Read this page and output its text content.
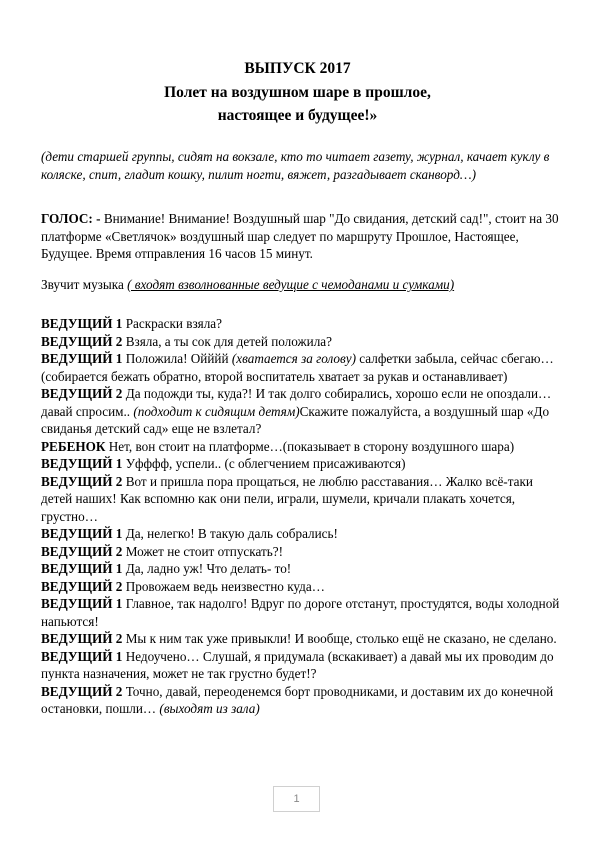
ВЫПУСК 2017
Полет на воздушном шаре в прошлое,
настоящее и будущее!»
(дети старшей группы, сидят на вокзале, кто то читает газету, журнал, качает куклу в коляске, спит, гладит кошку, пилит ногти, вяжет, разгадывает сканворд…)
ГОЛОС: - Внимание! Внимание! Воздушный шар "До свидания, детский сад!", стоит на 30 платформе «Светлячок» воздушный шар следует по маршруту Прошлое, Настоящее, Будущее. Время отправления 16 часов 15 минут.
Звучит музыка ( входят взволнованные ведущие с чемоданами и сумками)

ВЕДУЩИЙ 1 Раскраски взяла?

ВЕДУЩИЙ 2 Взяла, а ты сок для детей положила?

ВЕДУЩИЙ 1 Положила! Ойййй (хватается за голову) салфетки забыла, сейчас сбегаю…(собирается бежать обратно, второй воспитатель хватает за рукав и останавливает)

ВЕДУЩИЙ 2 Да подожди ты, куда?! И так долго собирались, хорошо если не опоздали…давай спросим.. (подходит к сидящим детям)Скажите пожалуйста, а воздушный шар «До свиданья детский сад» еще не взлетал?

РЕБЕНОК Нет, вон стоит на платформе…(показывает в сторону воздушного шара)

ВЕДУЩИЙ 1 Уфффф, успели.. (с облегчением присаживаются)

ВЕДУЩИЙ 2 Вот и пришла пора прощаться, не люблю расставания… Жалко всё-таки детей наших! Как вспомню как они пели, играли, шумели, кричали плакать хочется, грустно…

ВЕДУЩИЙ 1 Да, нелегко! В такую даль собрались!

ВЕДУЩИЙ 2 Может не стоит отпускать?!

ВЕДУЩИЙ 1 Да, ладно уж! Что делать- то!

ВЕДУЩИЙ 2 Провожаем ведь неизвестно куда…

ВЕДУЩИЙ 1 Главное, так надолго! Вдруг по дороге отстанут, простудятся, воды холодной напьются!

ВЕДУЩИЙ 2 Мы к ним так уже привыкли! И вообще, столько ещё не сказано, не сделано.

ВЕДУЩИЙ 1 Недоучено… Слушай, я придумала (вскакивает) а давай мы их проводим до пункта назначения, может не так грустно будет!?

ВЕДУЩИЙ 2 Точно, давай, переоденемся борт проводниками, и доставим их до конечной остановки, пошли… (выходят из зала)

1
